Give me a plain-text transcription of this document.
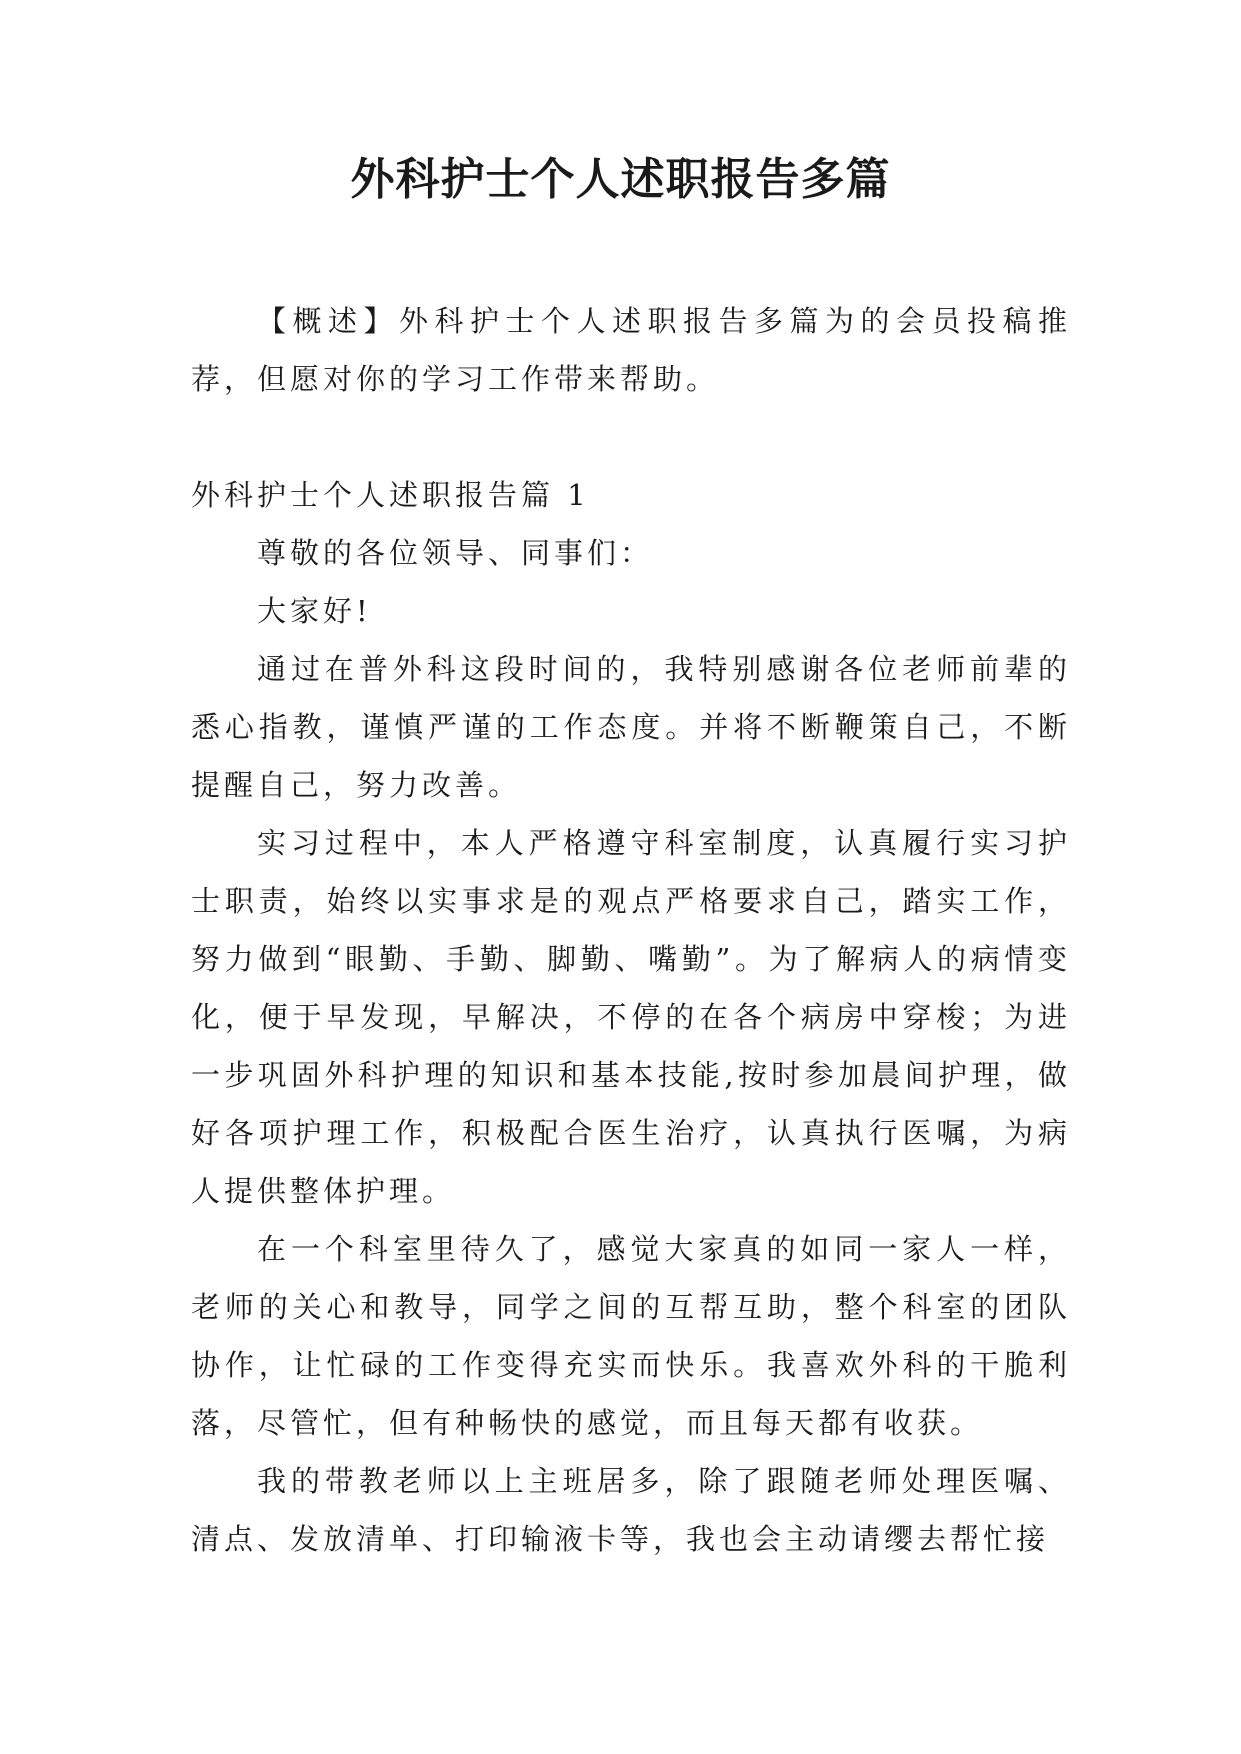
外科护士个人述职报告多篇

【概述】外科护士个人述职报告多篇为的会员投稿推荐，但愿对你的学习工作带来帮助。

外科护士个人述职报告篇 1

尊敬的各位领导、同事们：

大家好!

通过在普外科这段时间的，我特别感谢各位老师前辈的悉心指教，谨慎严谨的工作态度。并将不断鞭策自己，不断提醒自己，努力改善。

实习过程中，本人严格遵守科室制度，认真履行实习护士职责，始终以实事求是的观点严格要求自己，踏实工作，努力做到“眼勤、手勤、脚勤、嘴勤”。为了解病人的病情变化，便于早发现，早解决，不停的在各个病房中穿梭；为进一步巩固外科护理的知识和基本技能,按时参加晨间护理，做好各项护理工作，积极配合医生治疗，认真执行医嘱，为病人提供整体护理。

在一个科室里待久了，感觉大家真的如同一家人一样，老师的关心和教导，同学之间的互帮互助，整个科室的团队协作，让忙碌的工作变得充实而快乐。我喜欢外科的干脆利落，尽管忙，但有种畅快的感觉，而且每天都有收获。

我的带教老师以上主班居多，除了跟随老师处理医嘱、清点、发放清单、打印输液卡等，我也会主动请缨去帮忙接
